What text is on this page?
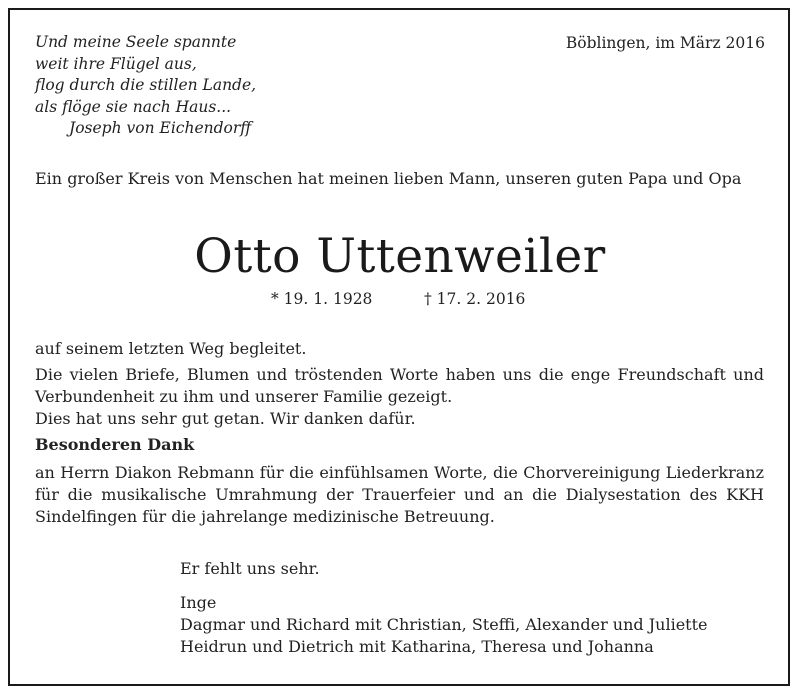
Und meine Seele spannte
weit ihre Flügel aus,
flog durch die stillen Lande,
als flöge sie nach Haus...
Joseph von Eichendorff
Böblingen, im März 2016
Ein großer Kreis von Menschen hat meinen lieben Mann, unseren guten Papa und Opa
Otto Uttenweiler
* 19. 1. 1928	† 17. 2. 2016
auf seinem letzten Weg begleitet.
Die vielen Briefe, Blumen und tröstenden Worte haben uns die enge Freundschaft und Verbundenheit zu ihm und unserer Familie gezeigt.
Dies hat uns sehr gut getan. Wir danken dafür.
Besonderen Dank
an Herrn Diakon Rebmann für die einfühlsamen Worte, die Chorvereinigung Liederkranz für die musikalische Umrahmung der Trauerfeier und an die Dialysestation des KKH Sindelfingen für die jahrelange medizinische Betreuung.
Er fehlt uns sehr.
Inge
Dagmar und Richard mit Christian, Steffi, Alexander und Juliette
Heidrun und Dietrich mit Katharina, Theresa und Johanna
